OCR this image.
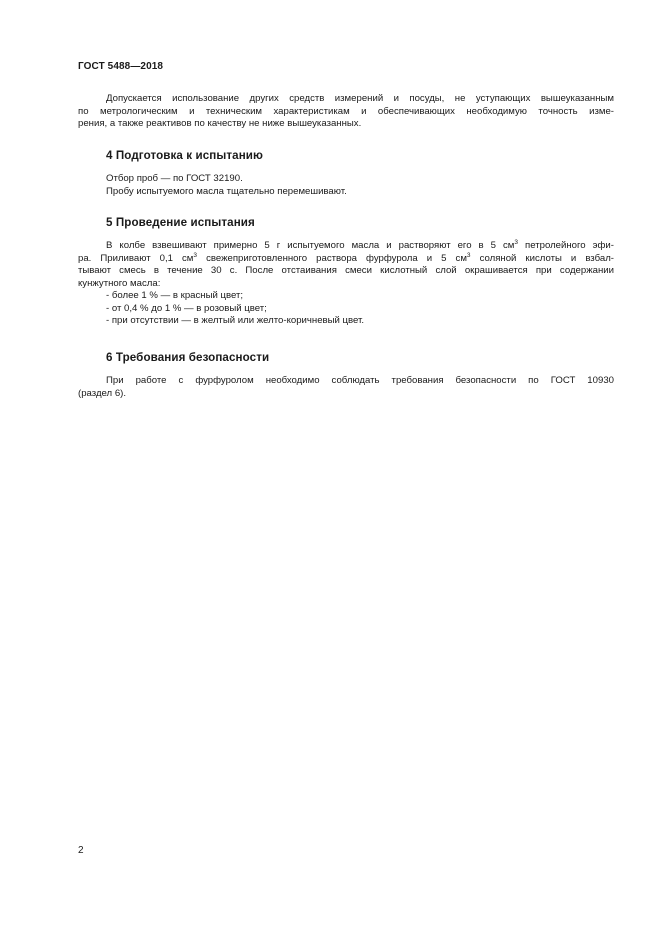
ГОСТ 5488—2018

Допускается использование других средств измерений и посуды, не уступающих вышеуказанным

по метрологическим и техническим характеристикам и обеспечивающих необходимую точность изме-

рения, а также реактивов по качеству не ниже вышеуказанных.

4 Подготовка к испытанию

Отбор проб — по ГОСТ 32190.

Пробу испытуемого масла тщательно перемешивают.

5 Проведение испытания

В колбе взвешивают примерно 5 г испытуемого масла и растворяют его в 5 $см^3$ петролейного эфи-

ра. Приливают 0,1 $см^3$ свежеприготовленного раствора фурфурола и 5 $см^3$ соляной кислоты и взбал-

тывают смесь в течение 30 с. После отстаивания смеси кислотный слой окрашивается при содержании

кунжутного масла:

- более 1 % — в красный цвет;

- от 0,4 % до 1 % — в розовый цвет;

- при отсутствии — в желтый или желто-коричневый цвет.

6 Требования безопасности

При работе с фурфуролом необходимо соблюдать требования безопасности по ГОСТ 10930

(раздел 6).

2
